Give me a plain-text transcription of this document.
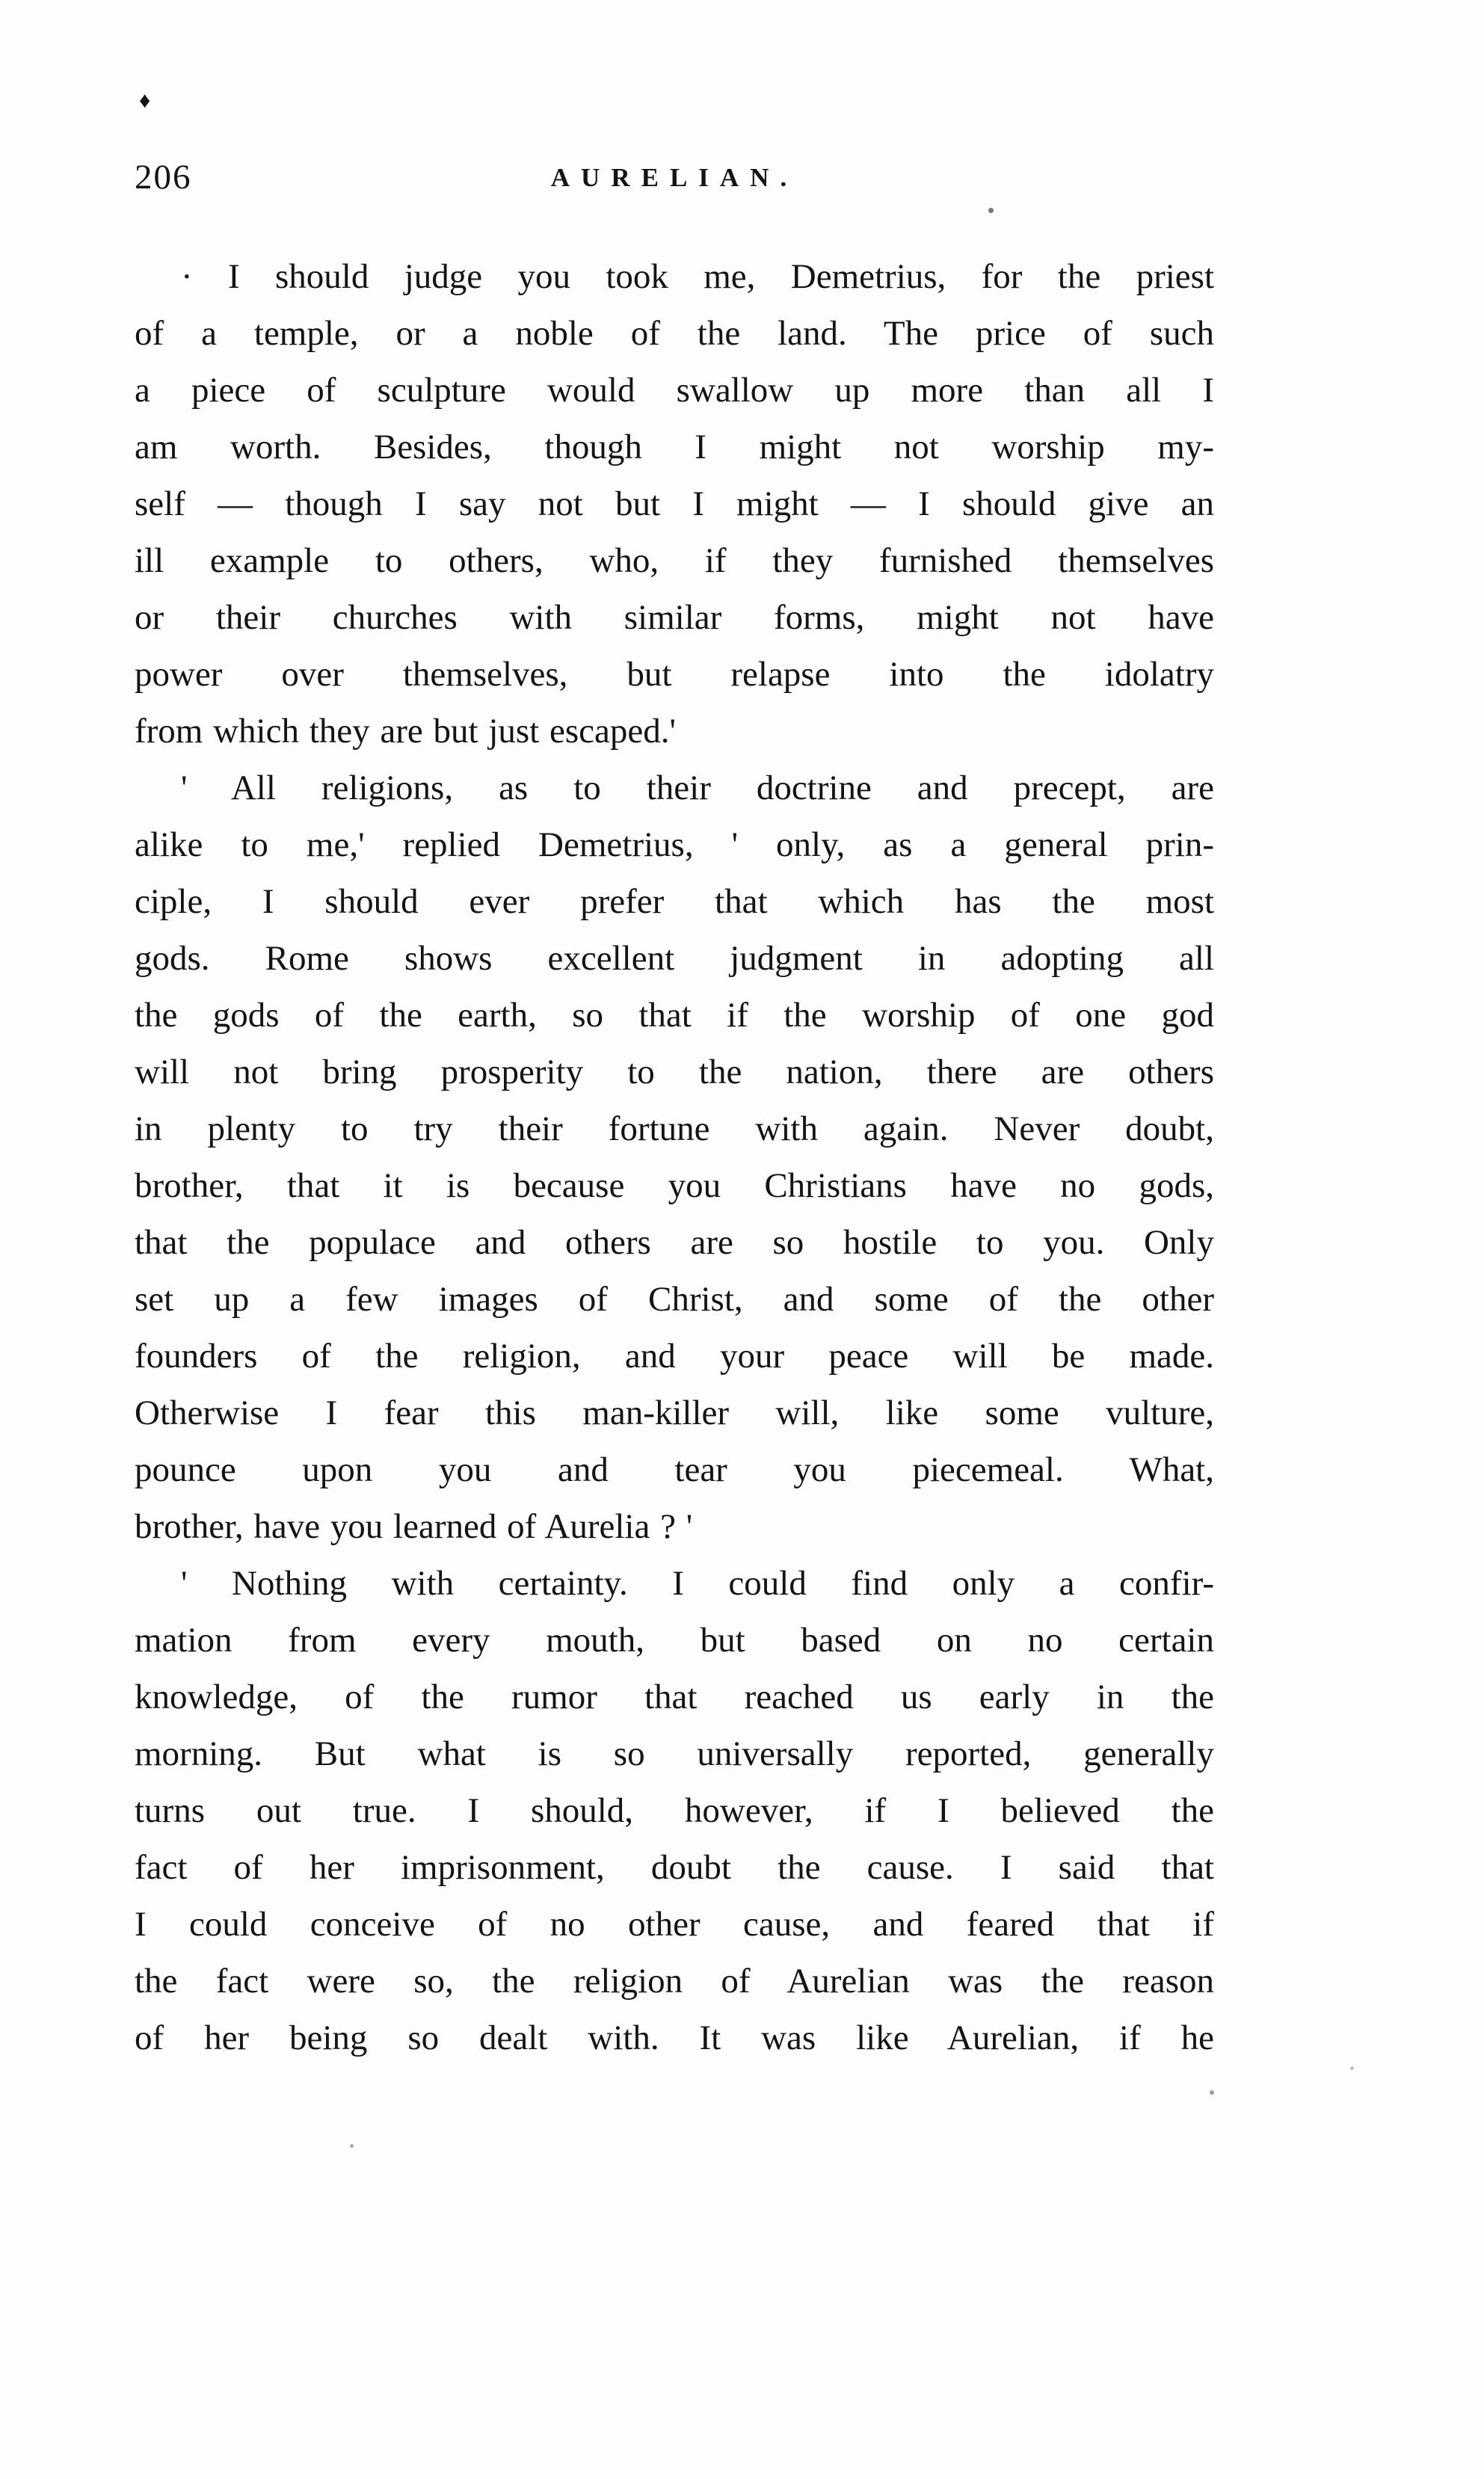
♦
206	AURELIAN.
· I should judge you took me, Demetrius, for the priest
of a temple, or a noble of the land. The price of such
a piece of sculpture would swallow up more than all I
am worth. Besides, though I might not worship my-
self — though I say not but I might — I should give an
ill example to others, who, if they furnished themselves
or their churches with similar forms, might not have
power over themselves, but relapse into the idolatry
from which they are but just escaped.'
' All religions, as to their doctrine and precept, are
alike to me,' replied Demetrius, ' only, as a general prin-
ciple, I should ever prefer that which has the most
gods. Rome shows excellent judgment in adopting all
the gods of the earth, so that if the worship of one god
will not bring prosperity to the nation, there are others
in plenty to try their fortune with again. Never doubt,
brother, that it is because you Christians have no gods,
that the populace and others are so hostile to you. Only
set up a few images of Christ, and some of the other
founders of the religion, and your peace will be made.
Otherwise I fear this man-killer will, like some vulture,
pounce upon you and tear you piecemeal. What,
brother, have you learned of Aurelia ? '
' Nothing with certainty. I could find only a confir-
mation from every mouth, but based on no certain
knowledge, of the rumor that reached us early in the
morning. But what is so universally reported, generally
turns out true. I should, however, if I believed the
fact of her imprisonment, doubt the cause. I said that
I could conceive of no other cause, and feared that if
the fact were so, the religion of Aurelian was the reason
of her being so dealt with. It was like Aurelian, if he
